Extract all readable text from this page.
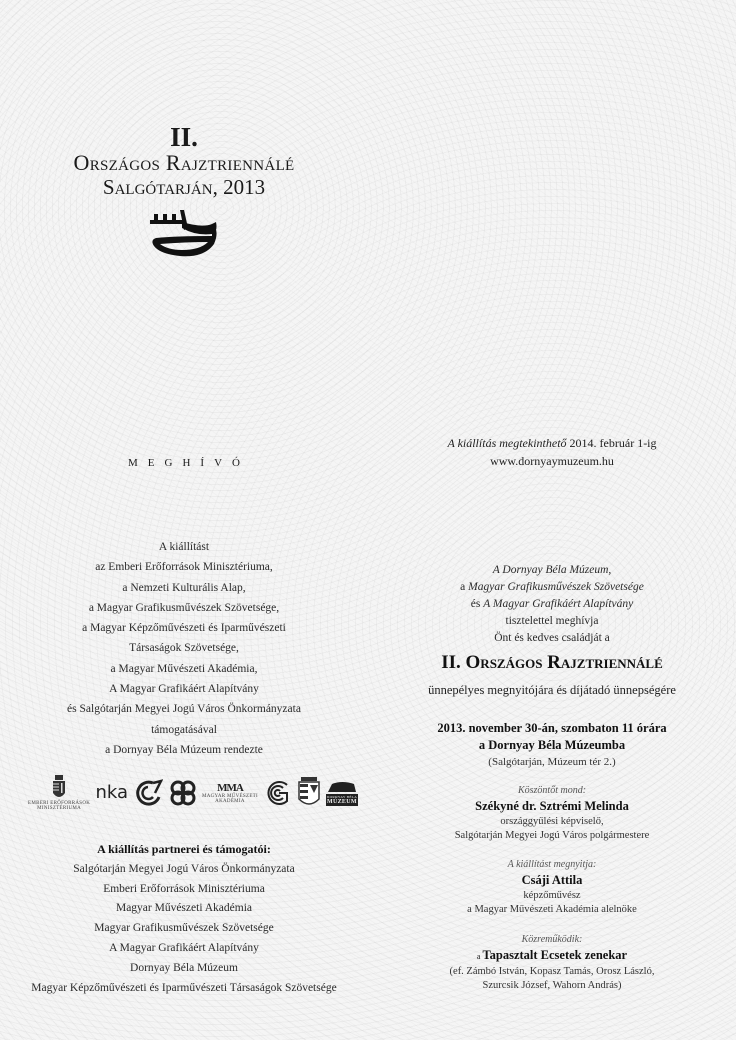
II.
Országos Rajztriennálé
Salgótarján, 2013
MEGHÍVÓ
A kiállítást
az Emberi Erőforrások Minisztériuma,
a Nemzeti Kulturális Alap,
a Magyar Grafikusművészek Szövetsége,
a Magyar Képzőművészeti és Iparművészeti
Társaságok Szövetsége,
a Magyar Művészeti Akadémia,
A Magyar Grafikáért Alapítvány
és Salgótarján Megyei Jogú Város Önkormányzata
támogatásával
a Dornyay Béla Múzeum rendezte
EMBERI ERŐFORRÁSOK
MINISZTÉRIUMA
nka	MMA
MAGYAR MŰVÉSZETI
AKADÉMIA
DORNYAY BÉLA
MÚZEUM
A kiállítás partnerei és támogatói:
Salgótarján Megyei Jogú Város Önkormányzata
Emberi Erőforrások Minisztériuma
Magyar Művészeti Akadémia
Magyar Grafikusművészek Szövetsége
A Magyar Grafikáért Alapítvány
Dornyay Béla Múzeum
Magyar Képzőművészeti és Iparművészeti Társaságok Szövetsége
A kiállítás megtekinthető 2014. február 1-ig
www.dornyaymuzeum.hu
A Dornyay Béla Múzeum,
a Magyar Grafikusművészek Szövetsége
és A Magyar Grafikáért Alapítvány
tisztelettel meghívja
Önt és kedves családját a
II. Országos Rajztriennálé
ünnepélyes megnyitójára és díjátadó ünnepségére
2013. november 30-án, szombaton 11 órára
a Dornyay Béla Múzeumba
(Salgótarján, Múzeum tér 2.)
Köszöntőt mond:
Székyné dr. Sztrémi Melinda
országgyűlési képviselő,
Salgótarján Megyei Jogú Város polgármestere
A kiállítást megnyitja:
Csáji Attila
képzőművész
a Magyar Művészeti Akadémia alelnöke
Közreműködik:
a Tapasztalt Ecsetek zenekar
(ef. Zámbó István, Kopasz Tamás, Orosz László,
Szurcsik József, Wahorn András)
